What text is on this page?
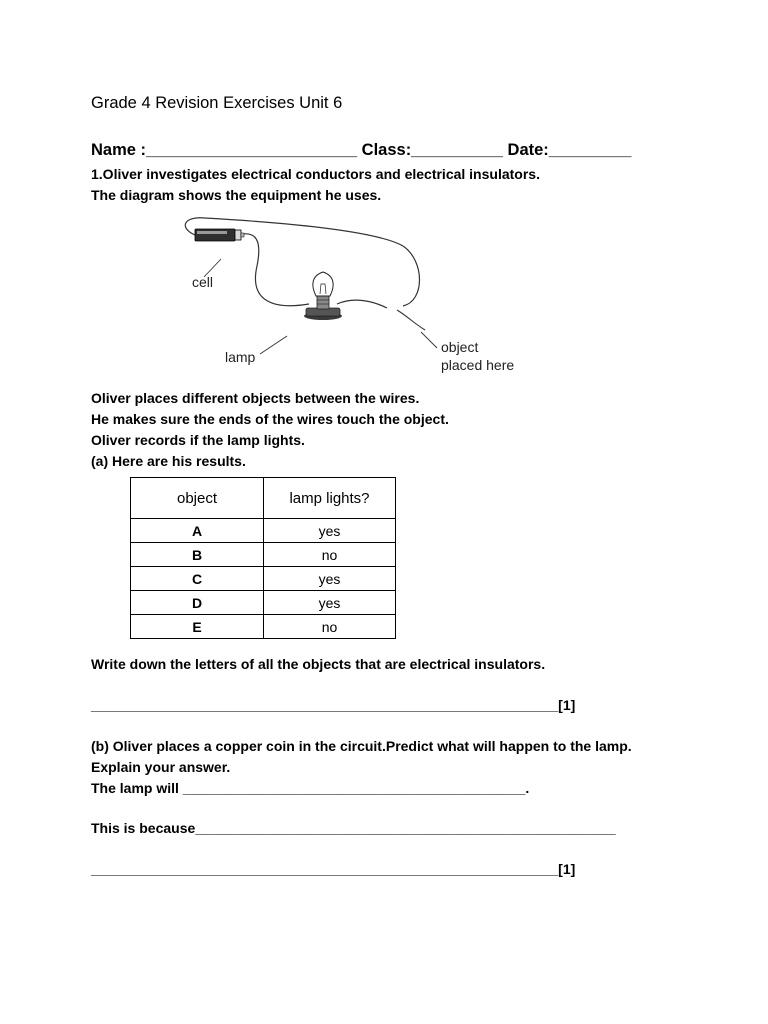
Grade 4 Revision Exercises Unit 6
Name :_______________________ Class:__________ Date:_________
1.Oliver investigates electrical conductors and electrical insulators.
The diagram shows the equipment he uses.
cell
lamp
object
placed here
Oliver places different objects between the wires.
He makes sure the ends of the wires touch the object.
Oliver records if the lamp lights.
(a) Here are his results.
object	lamp lights?
A	yes
B	no
C	yes
D	yes
E	no
Write down the letters of all the objects that are electrical insulators.
____________________________________________________________[1]
(b) Oliver places a copper coin in the circuit.Predict what will happen to the lamp.
Explain your answer.
The lamp will ____________________________________________.
This is because______________________________________________________
____________________________________________________________[1]
